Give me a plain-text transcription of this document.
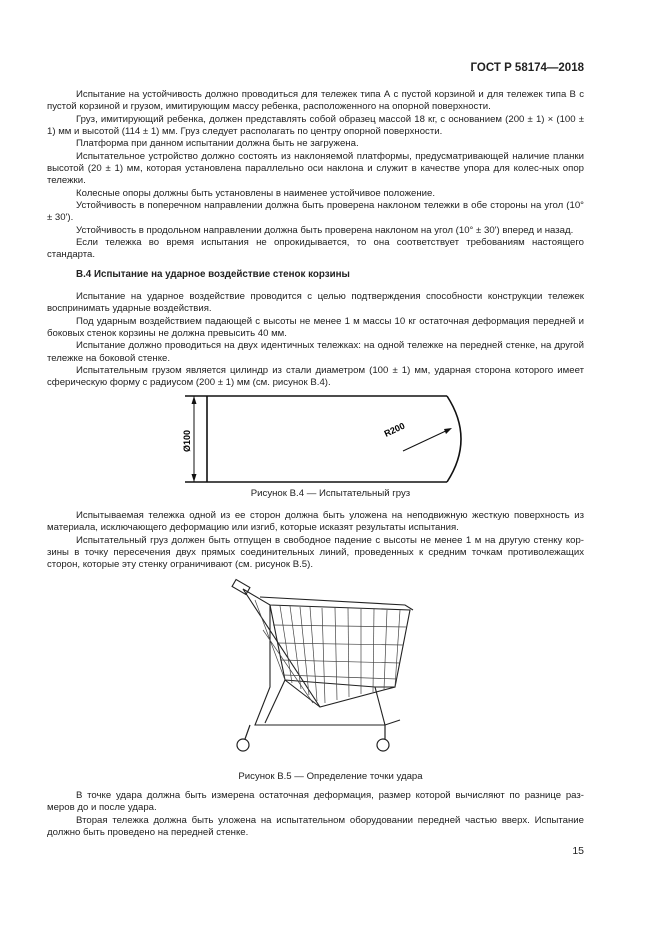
ГОСТ Р 58174—2018

Испытание на устойчивость должно проводиться для тележек типа А с пустой корзиной и для тележек типа В с пустой корзиной и грузом, имитирующим массу ребенка, расположенного на опорной поверхности.

Груз, имитирующий ребенка, должен представлять собой образец массой 18 кг, с основанием (200 ± 1) × (100 ± 1) мм и высотой (114 ± 1) мм. Груз следует располагать по центру опорной поверхности.

Платформа при данном испытании должна быть не загружена.

Испытательное устройство должно состоять из наклоняемой платформы, предусматривающей наличие планки высотой (20 ± 1) мм, которая установлена параллельно оси наклона и служит в качестве упора для колес-ных опор тележки.

Колесные опоры должны быть установлены в наименее устойчивое положение.

Устойчивость в поперечном направлении должна быть проверена наклоном тележки в обе стороны на угол (10° ± 30').

Устойчивость в продольном направлении должна быть проверена наклоном на угол (10° ± 30') вперед и назад.

Если тележка во время испытания не опрокидывается, то она соответствует требованиям настоящего стандарта.

В.4 Испытание на ударное воздействие стенок корзины

Испытание на ударное воздействие проводится с целью подтверждения способности конструкции тележек воспринимать ударные воздействия.

Под ударным воздействием падающей с высоты не менее 1 м массы 10 кг остаточная деформация передней и боковых стенок корзины не должна превысить 40 мм.

Испытание должно проводиться на двух идентичных тележках: на одной тележке на передней стенке, на другой тележке на боковой стенке.

Испытательным грузом является цилиндр из стали диаметром (100 ± 1) мм, ударная сторона которого имеет сферическую форму с радиусом (200 ± 1) мм (см. рисунок В.4).

Ø100
R200
Рисунок В.4 — Испытательный груз

Испытываемая тележка одной из ее сторон должна быть уложена на неподвижную жесткую поверхность из материала, исключающего деформацию или изгиб, которые исказят результаты испытания.

Испытательный груз должен быть отпущен в свободное падение с высоты не менее 1 м на другую стенку кор-зины в точку пересечения двух прямых соединительных линий, проведенных к средним точкам противолежащих сторон, которые эту стенку ограничивают (см. рисунок В.5).

Рисунок В.5 — Определение точки удара

В точке удара должна быть измерена остаточная деформация, размер которой вычисляют по разнице раз-меров до и после удара.

Вторая тележка должна быть уложена на испытательном оборудовании передней частью вверх. Испытание должно быть проведено на передней стенке.

15
